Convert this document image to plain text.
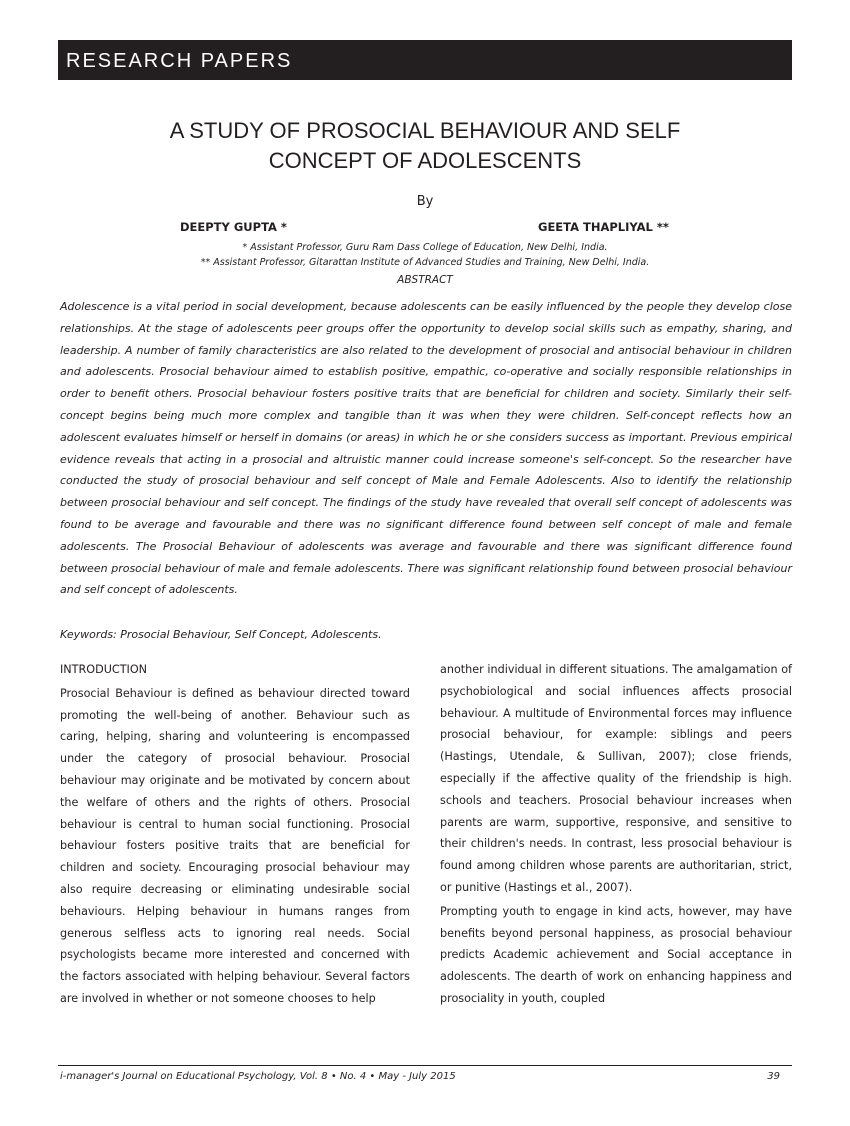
RESEARCH PAPERS
A STUDY OF PROSOCIAL BEHAVIOUR AND SELF
CONCEPT OF ADOLESCENTS
By
DEEPTY GUPTA *	GEETA THAPLIYAL **
* Assistant Professor, Guru Ram Dass College of Education, New Delhi, India.
** Assistant Professor, Gitarattan Institute of Advanced Studies and Training, New Delhi, India.
ABSTRACT

Adolescence is a vital period in social development, because adolescents can be easily influenced by the people they develop close relationships. At the stage of adolescents peer groups offer the opportunity to develop social skills such as empathy, sharing, and leadership. A number of family characteristics are also related to the development of prosocial and antisocial behaviour in children and adolescents. Prosocial behaviour aimed to establish positive, empathic, co-operative and socially responsible relationships in order to benefit others. Prosocial behaviour fosters positive traits that are beneficial for children and society. Similarly their self-concept begins being much more complex and tangible than it was when they were children. Self-concept reflects how an adolescent evaluates himself or herself in domains (or areas) in which he or she considers success as important. Previous empirical evidence reveals that acting in a prosocial and altruistic manner could increase someone's self-concept. So the researcher have conducted the study of prosocial behaviour and self concept of Male and Female Adolescents. Also to identify the relationship between prosocial behaviour and self concept. The findings of the study have revealed that overall self concept of adolescents was found to be average and favourable and there was no significant difference found between self concept of male and female adolescents. The Prosocial Behaviour of adolescents was average and favourable and there was significant difference found between prosocial behaviour of male and female adolescents. There was significant relationship found between prosocial behaviour and self concept of adolescents.

Keywords: Prosocial Behaviour, Self Concept, Adolescents.
INTRODUCTION

Prosocial Behaviour is defined as behaviour directed toward promoting the well-being of another. Behaviour such as caring, helping, sharing and volunteering is encompassed under the category of prosocial behaviour. Prosocial behaviour may originate and be motivated by concern about the welfare of others and the rights of others. Prosocial behaviour is central to human social functioning. Prosocial behaviour fosters positive traits that are beneficial for children and society. Encouraging prosocial behaviour may also require decreasing or eliminating undesirable social behaviours. Helping behaviour in humans ranges from generous selfless acts to ignoring real needs. Social psychologists became more interested and concerned with the factors associated with helping behaviour. Several factors are involved in whether or not someone chooses to help

another individual in different situations. The amalgamation of psychobiological and social influences affects prosocial behaviour. A multitude of Environmental forces may influence prosocial behaviour, for example: siblings and peers (Hastings, Utendale, & Sullivan, 2007); close friends, especially if the affective quality of the friendship is high. schools and teachers. Prosocial behaviour increases when parents are warm, supportive, responsive, and sensitive to their children's needs. In contrast, less prosocial behaviour is found among children whose parents are authoritarian, strict, or punitive (Hastings et al., 2007).

Prompting youth to engage in kind acts, however, may have benefits beyond personal happiness, as prosocial behaviour predicts Academic achievement and Social acceptance in adolescents. The dearth of work on enhancing happiness and prosociality in youth, coupled

i-manager's Journal on Educational Psychology, Vol. 8 • No. 4 • May - July 2015	39
